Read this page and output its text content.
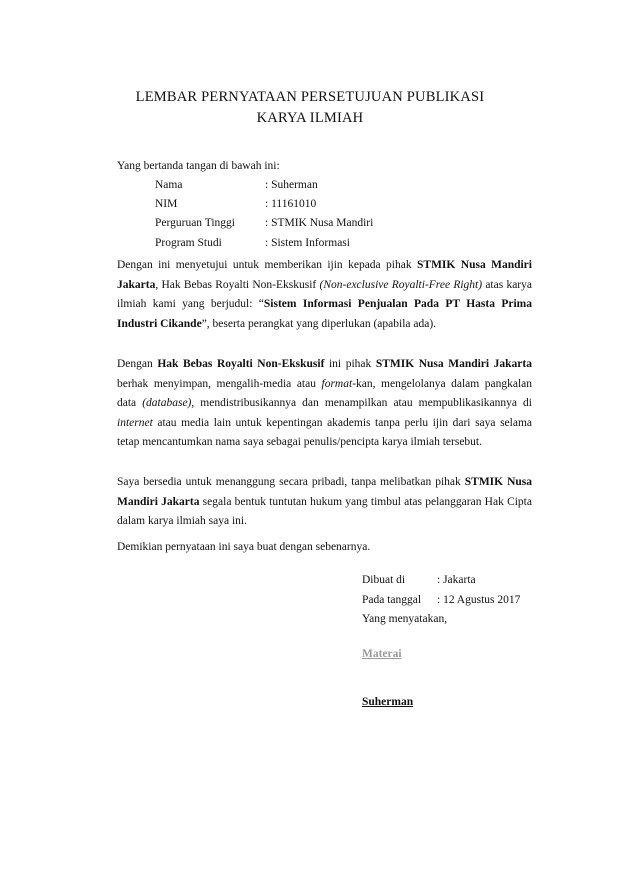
LEMBAR PERNYATAAN PERSETUJUAN PUBLIKASI
KARYA ILMIAH
Yang bertanda tangan di bawah ini:
Nama	: Suherman
NIM	: 11161010
Perguruan Tinggi	: STMIK Nusa Mandiri
Program Studi	: Sistem Informasi

Dengan ini menyetujui untuk memberikan ijin kepada pihak STMIK Nusa Mandiri Jakarta, Hak Bebas Royalti Non-Ekskusif (Non-exclusive Royalti-Free Right) atas karya ilmiah kami yang berjudul: “Sistem Informasi Penjualan Pada PT Hasta Prima Industri Cikande”, beserta perangkat yang diperlukan (apabila ada).

Dengan Hak Bebas Royalti Non-Ekskusif ini pihak STMIK Nusa Mandiri Jakarta berhak menyimpan, mengalih-media atau format-kan, mengelolanya dalam pangkalan data (database), mendistribusikannya dan menampilkan atau mempublikasikannya di internet atau media lain untuk kepentingan akademis tanpa perlu ijin dari saya selama tetap mencantumkan nama saya sebagai penulis/pencipta karya ilmiah tersebut.

Saya bersedia untuk menanggung secara pribadi, tanpa melibatkan pihak STMIK Nusa Mandiri Jakarta segala bentuk tuntutan hukum yang timbul atas pelanggaran Hak Cipta dalam karya ilmiah saya ini.

Demikian pernyataan ini saya buat dengan sebenarnya.

Dibuat di	: Jakarta
Pada tanggal	: 12 Agustus 2017
Yang menyatakan,
Materai
Suherman
